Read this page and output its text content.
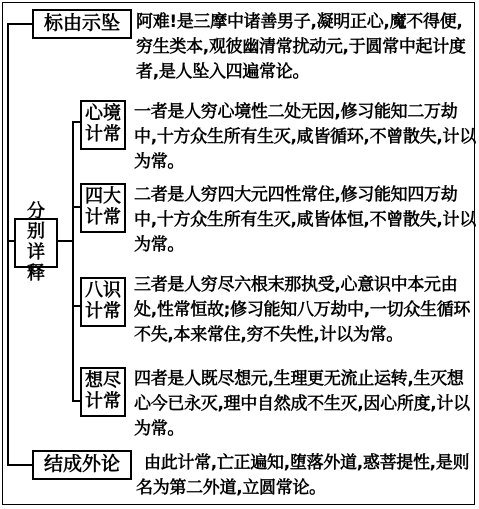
标由示坠 阿难!是三摩中诸善男子,凝明正心,魔不得便,穷生类本,观彼幽清常扰动元,于圆常中起计度者,是人坠入四遍常论。

分别详释
心境计常

一者是人穷心境性二处无因,修习能知二万劫中,十方众生所有生灭,咸皆循环,不曾散失,计以为常。

四大计常

二者是人穷四大元四性常住,修习能知四万劫中,十方众生所有生灭,咸皆体恒,不曾散失,计以为常。

八识计常

三者是人穷尽六根末那执受,心意识中本元由处,性常恒故;修习能知八万劫中,一切众生循环不失,本来常住,穷不失性,计以为常。

想尽计常

四者是人既尽想元,生理更无流止运转,生灭想心今已永灭,理中自然成不生灭,因心所度,计以为常。

结成外论	由此计常,亡正遍知,堕落外道,惑菩提性,是则名为第二外道,立圆常论。
